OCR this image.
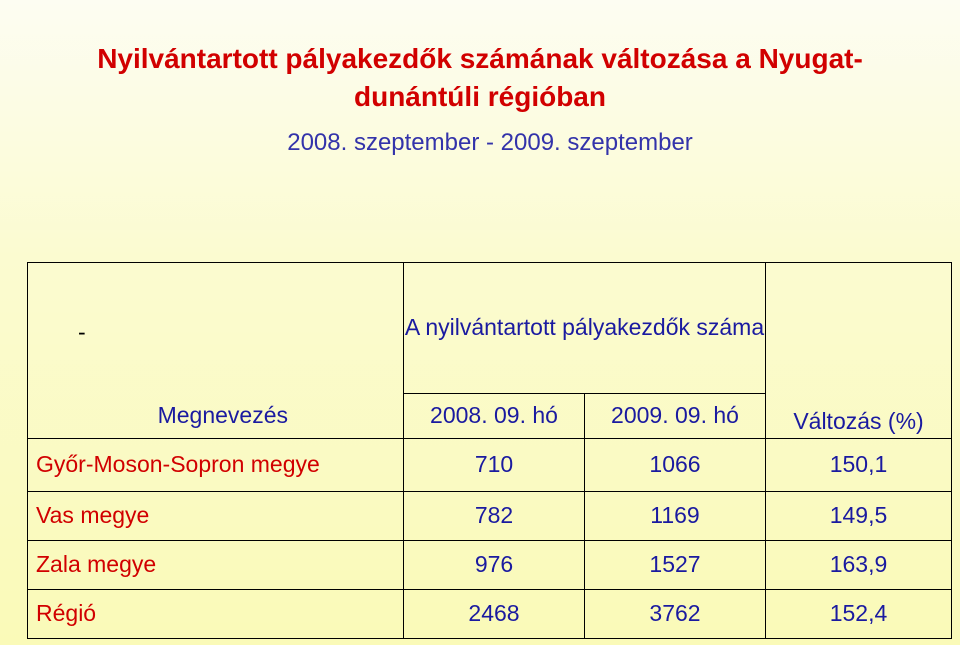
Nyilvántartott pályakezdők számának változása a Nyugat-dunántúli régióban
2008. szeptember - 2009. szeptember
-	A nyilvántartott pályakezdők száma		Változás (%)
Megnevezés	2008. 09. hó	2009. 09. hó	
Győr-Moson-Sopron megye	710	1066	150,1
Vas megye	782	1169	149,5
Zala megye	976	1527	163,9
Régió	2468	3762	152,4
